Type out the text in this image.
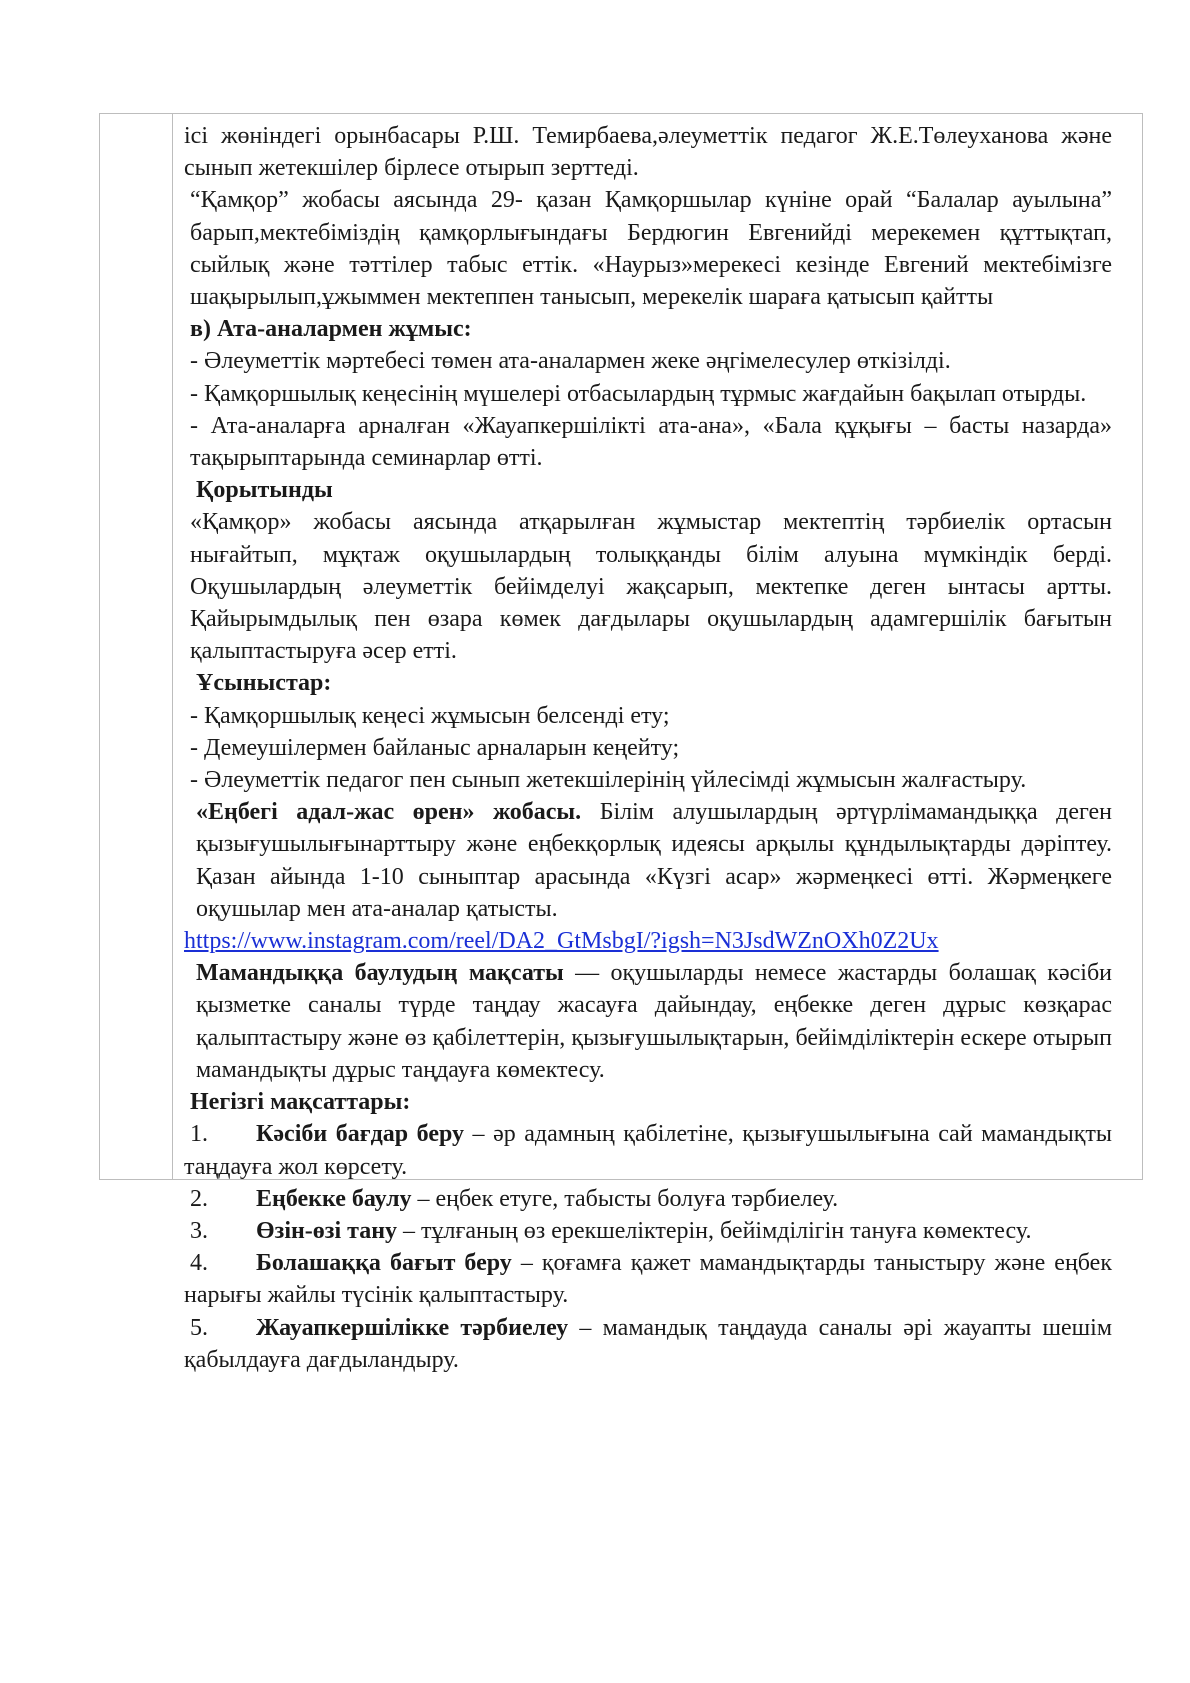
ісі жөніндегі орынбасары Р.Ш. Темирбаева,әлеуметтік педагог Ж.Е.Төлеуханова және сынып жетекшілер бірлесе отырып зерттеді.

“Қамқор” жобасы аясында 29- қазан Қамқоршылар күніне орай “Балалар ауылына” барып,мектебіміздің қамқорлығындағы Бердюгин Евгенийді мерекемен құттықтап, сыйлық және тәттілер табыс еттік. «Наурыз»мерекесі кезінде Евгений мектебімізге шақырылып,ұжыммен мектеппен танысып, мерекелік шараға қатысып қайтты

в) Ата-аналармен жұмыс:

- Әлеуметтік мәртебесі төмен ата-аналармен жеке әңгімелесулер өткізілді.

- Қамқоршылық кеңесінің мүшелері отбасылардың тұрмыс жағдайын бақылап отырды.

- Ата-аналарға арналған «Жауапкершілікті ата-ана», «Бала құқығы – басты назарда» тақырыптарында семинарлар өтті.

Қорытынды

«Қамқор» жобасы аясында атқарылған жұмыстар мектептің тәрбиелік ортасын нығайтып, мұқтаж оқушылардың толыққанды білім алуына мүмкіндік берді. Оқушылардың әлеуметтік бейімделуі жақсарып, мектепке деген ынтасы артты. Қайырымдылық пен өзара көмек дағдылары оқушылардың адамгершілік бағытын қалыптастыруға әсер етті.

Ұсыныстар:

- Қамқоршылық кеңесі жұмысын белсенді ету;

- Демеушілермен байланыс арналарын кеңейту;

- Әлеуметтік педагог пен сынып жетекшілерінің үйлесімді жұмысын жалғастыру.

«Еңбегі адал-жас өрен» жобасы. Білім алушылардың әртүрлімамандыққа деген қызығушылығынарттыру және еңбекқорлық идеясы арқылы құндылықтарды дәріптеу. Қазан айында 1-10 сыныптар арасында «Күзгі асар» жәрмеңкесі өтті. Жәрмеңкеге оқушылар мен ата-аналар қатысты.

https://www.instagram.com/reel/DA2_GtMsbgI/?igsh=N3JsdWZnOXh0Z2Ux

Мамандыққа баулудың мақсаты — оқушыларды немесе жастарды болашақ кәсіби қызметке саналы түрде таңдау жасауға дайындау, еңбекке деген дұрыс көзқарас қалыптастыру және өз қабілеттерін, қызығушылықтарын, бейімділіктерін ескере отырып мамандықты дұрыс таңдауға көмектесу.

Негізгі мақсаттары:

1. Кәсіби бағдар беру – әр адамның қабілетіне, қызығушылығына сай мамандықты таңдауға жол көрсету.

2. Еңбекке баулу – еңбек етуге, табысты болуға тәрбиелеу.

3. Өзін-өзі тану – тұлғаның өз ерекшеліктерін, бейімділігін тануға көмектесу.

4. Болашаққа бағыт беру – қоғамға қажет мамандықтарды таныстыру және еңбек нарығы жайлы түсінік қалыптастыру.

5. Жауапкершілікке тәрбиелеу – мамандық таңдауда саналы әрі жауапты шешім қабылдауға дағдыландыру.
